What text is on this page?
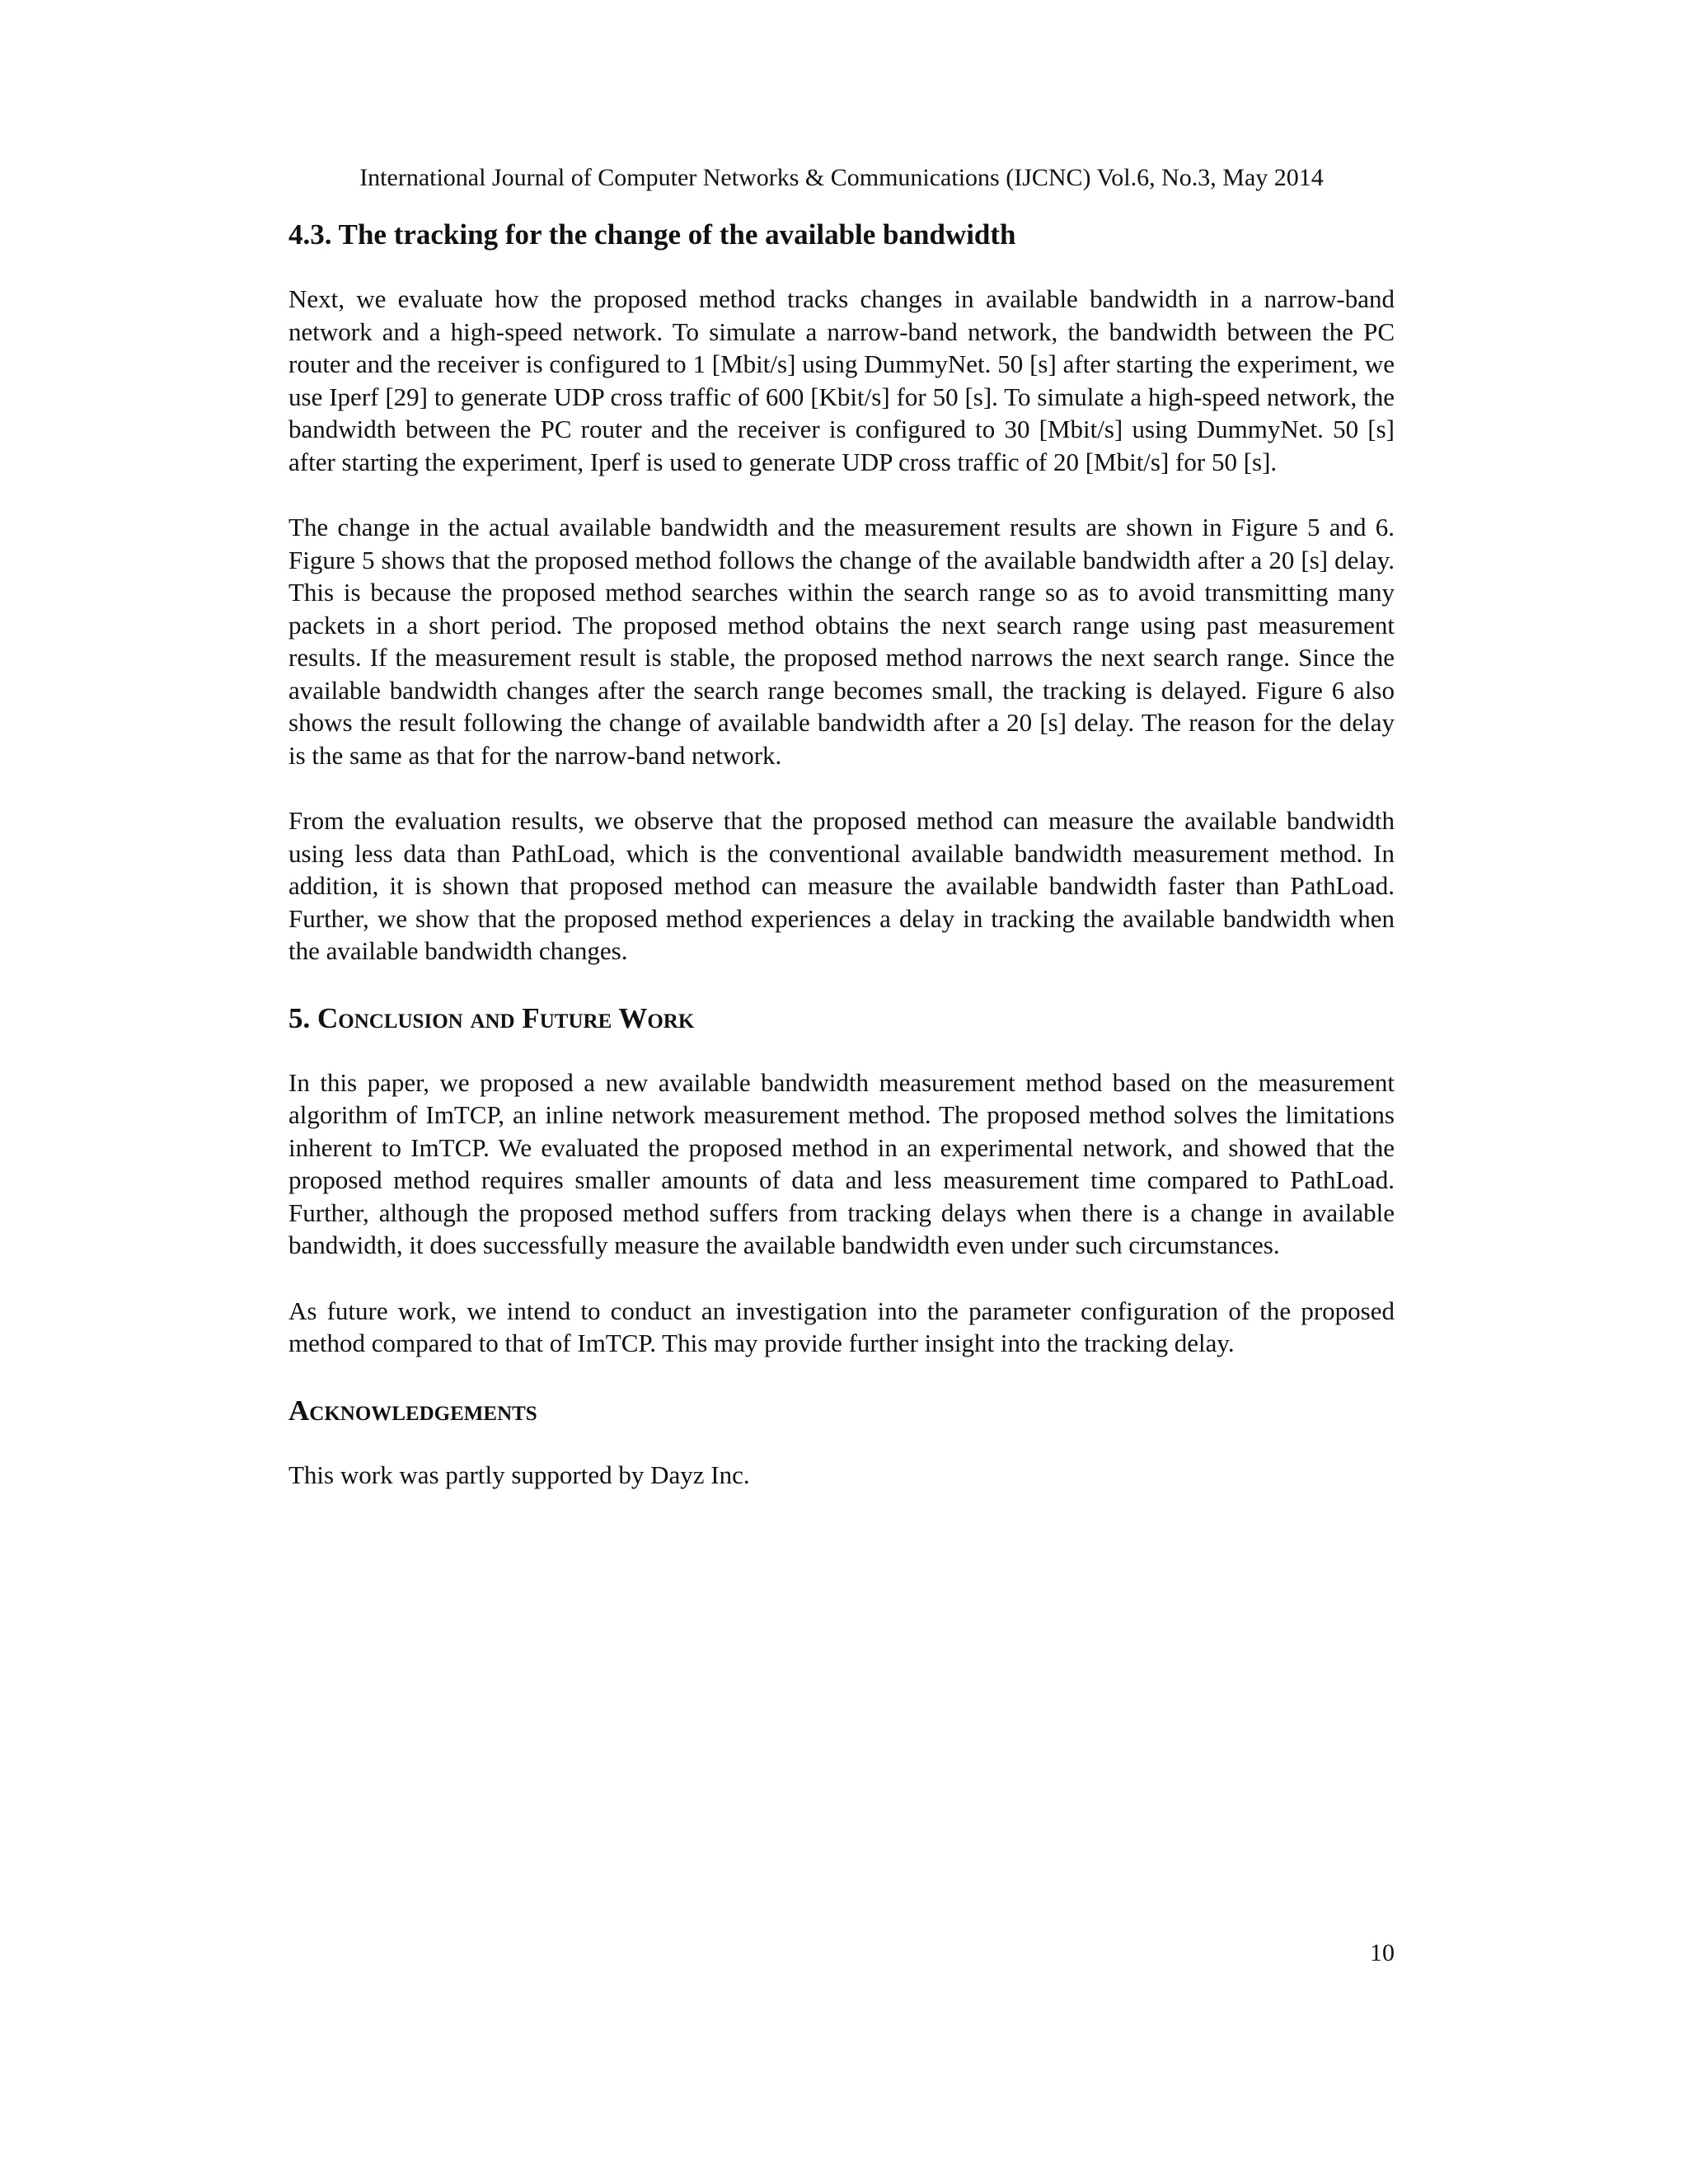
International Journal of Computer Networks & Communications (IJCNC) Vol.6, No.3, May 2014
4.3. The tracking for the change of the available bandwidth

Next, we evaluate how the proposed method tracks changes in available bandwidth in a narrow-band network and a high-speed network. To simulate a narrow-band network, the bandwidth between the PC router and the receiver is configured to 1 [Mbit/s] using DummyNet. 50 [s] after starting the experiment, we use Iperf [29] to generate UDP cross traffic of 600 [Kbit/s] for 50 [s]. To simulate a high-speed network, the bandwidth between the PC router and the receiver is configured to 30 [Mbit/s] using DummyNet. 50 [s] after starting the experiment, Iperf is used to generate UDP cross traffic of 20 [Mbit/s] for 50 [s].

The change in the actual available bandwidth and the measurement results are shown in Figure 5 and 6. Figure 5 shows that the proposed method follows the change of the available bandwidth after a 20 [s] delay. This is because the proposed method searches within the search range so as to avoid transmitting many packets in a short period. The proposed method obtains the next search range using past measurement results. If the measurement result is stable, the proposed method narrows the next search range. Since the available bandwidth changes after the search range becomes small, the tracking is delayed. Figure 6 also shows the result following the change of available bandwidth after a 20 [s] delay. The reason for the delay is the same as that for the narrow-band network.

From the evaluation results, we observe that the proposed method can measure the available bandwidth using less data than PathLoad, which is the conventional available bandwidth measurement method. In addition, it is shown that proposed method can measure the available bandwidth faster than PathLoad. Further, we show that the proposed method experiences a delay in tracking the available bandwidth when the available bandwidth changes.

5. Conclusion and Future Work

In this paper, we proposed a new available bandwidth measurement method based on the measurement algorithm of ImTCP, an inline network measurement method. The proposed method solves the limitations inherent to ImTCP. We evaluated the proposed method in an experimental network, and showed that the proposed method requires smaller amounts of data and less measurement time compared to PathLoad. Further, although the proposed method suffers from tracking delays when there is a change in available bandwidth, it does successfully measure the available bandwidth even under such circumstances.

As future work, we intend to conduct an investigation into the parameter configuration of the proposed method compared to that of ImTCP. This may provide further insight into the tracking delay.

Acknowledgements

This work was partly supported by Dayz Inc.

10
